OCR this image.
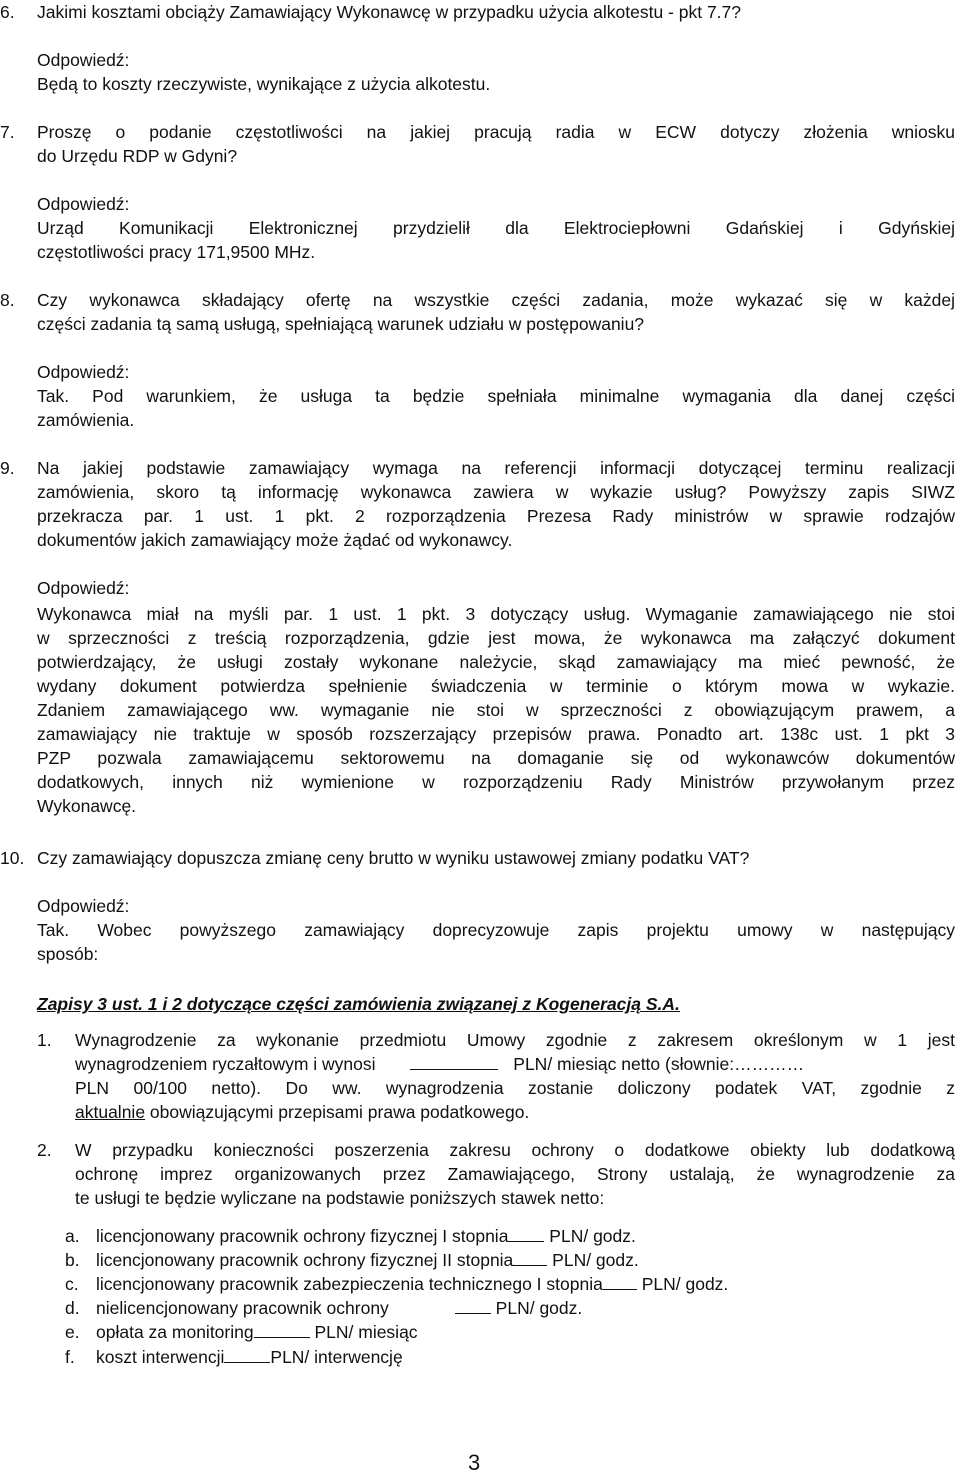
6. Jakimi kosztami obciąży Zamawiający Wykonawcę w przypadku użycia alkotestu - pkt 7.7?
Odpowiedź:
Będą to koszty rzeczywiste, wynikające z użycia alkotestu.
7. Proszę o podanie częstotliwości na jakiej pracują radia w ECW dotyczy złożenia wniosku
do Urzędu RDP w Gdyni?
Odpowiedź:
Urząd Komunikacji Elektronicznej przydzielił dla Elektrociepłowni Gdańskiej i Gdyńskiej
częstotliwości pracy 171,9500 MHz.
8. Czy wykonawca składający ofertę na wszystkie części zadania, może wykazać się w każdej
części zadania tą samą usługą, spełniającą warunek udziału w postępowaniu?
Odpowiedź:
Tak. Pod warunkiem, że usługa ta będzie spełniała minimalne wymagania dla danej części
zamówienia.
9. Na jakiej podstawie zamawiający wymaga na referencji informacji dotyczącej terminu realizacji
zamówienia, skoro tą informację wykonawca zawiera w wykazie usług? Powyższy zapis SIWZ
przekracza par. 1 ust. 1 pkt. 2 rozporządzenia Prezesa Rady ministrów w sprawie rodzajów
dokumentów jakich zamawiający może żądać od wykonawcy.
Odpowiedź:
Wykonawca miał na myśli par. 1 ust. 1 pkt. 3 dotyczący usług. Wymaganie zamawiającego nie stoi
w sprzeczności z treścią rozporządzenia, gdzie jest mowa, że wykonawca ma załączyć dokument
potwierdzający, że usługi zostały wykonane należycie, skąd zamawiający ma mieć pewność, że
wydany dokument potwierdza spełnienie świadczenia w terminie o którym mowa w wykazie.
Zdaniem zamawiającego ww. wymaganie nie stoi w sprzeczności z obowiązującym prawem, a
zamawiający nie traktuje w sposób rozszerzający przepisów prawa. Ponadto art. 138c ust. 1 pkt 3
PZP pozwala zamawiającemu sektorowemu na domaganie się od wykonawców dokumentów
dodatkowych, innych niż wymienione w rozporządzeniu Rady Ministrów przywołanym przez
Wykonawcę.
10. Czy zamawiający dopuszcza zmianę ceny brutto w wyniku ustawowej zmiany podatku VAT?
Odpowiedź:
Tak. Wobec powyższego zamawiający doprecyzowuje zapis projektu umowy w następujący
sposób:
Zapisy 3 ust. 1 i 2 dotyczące części zamówienia związanej z Kogeneracją S.A.
1. Wynagrodzenie za wykonanie przedmiotu Umowy zgodnie z zakresem określonym w 1 jest
wynagrodzeniem ryczałtowym i wynosi	PLN/ miesiąc netto (słownie:…………
PLN 00/100 netto). Do ww. wynagrodzenia zostanie doliczony podatek VAT, zgodnie z
aktualnie obowiązującymi przepisami prawa podatkowego.
2. W przypadku konieczności poszerzenia zakresu ochrony o dodatkowe obiekty lub dodatkową
ochronę imprez organizowanych przez Zamawiającego, Strony ustalają, że wynagrodzenie za
te usługi te będzie wyliczane na podstawie poniższych stawek netto:
a. licencjonowany pracownik ochrony fizycznej I stopnia PLN/ godz.
b. licencjonowany pracownik ochrony fizycznej II stopnia PLN/ godz.
c. licencjonowany pracownik zabezpieczenia technicznego I stopnia PLN/ godz.
d. nielicencjonowany pracownik ochrony	PLN/ godz.
e. opłata za monitoring	PLN/ miesiąc
f. koszt interwencji	PLN/ interwencję
3
